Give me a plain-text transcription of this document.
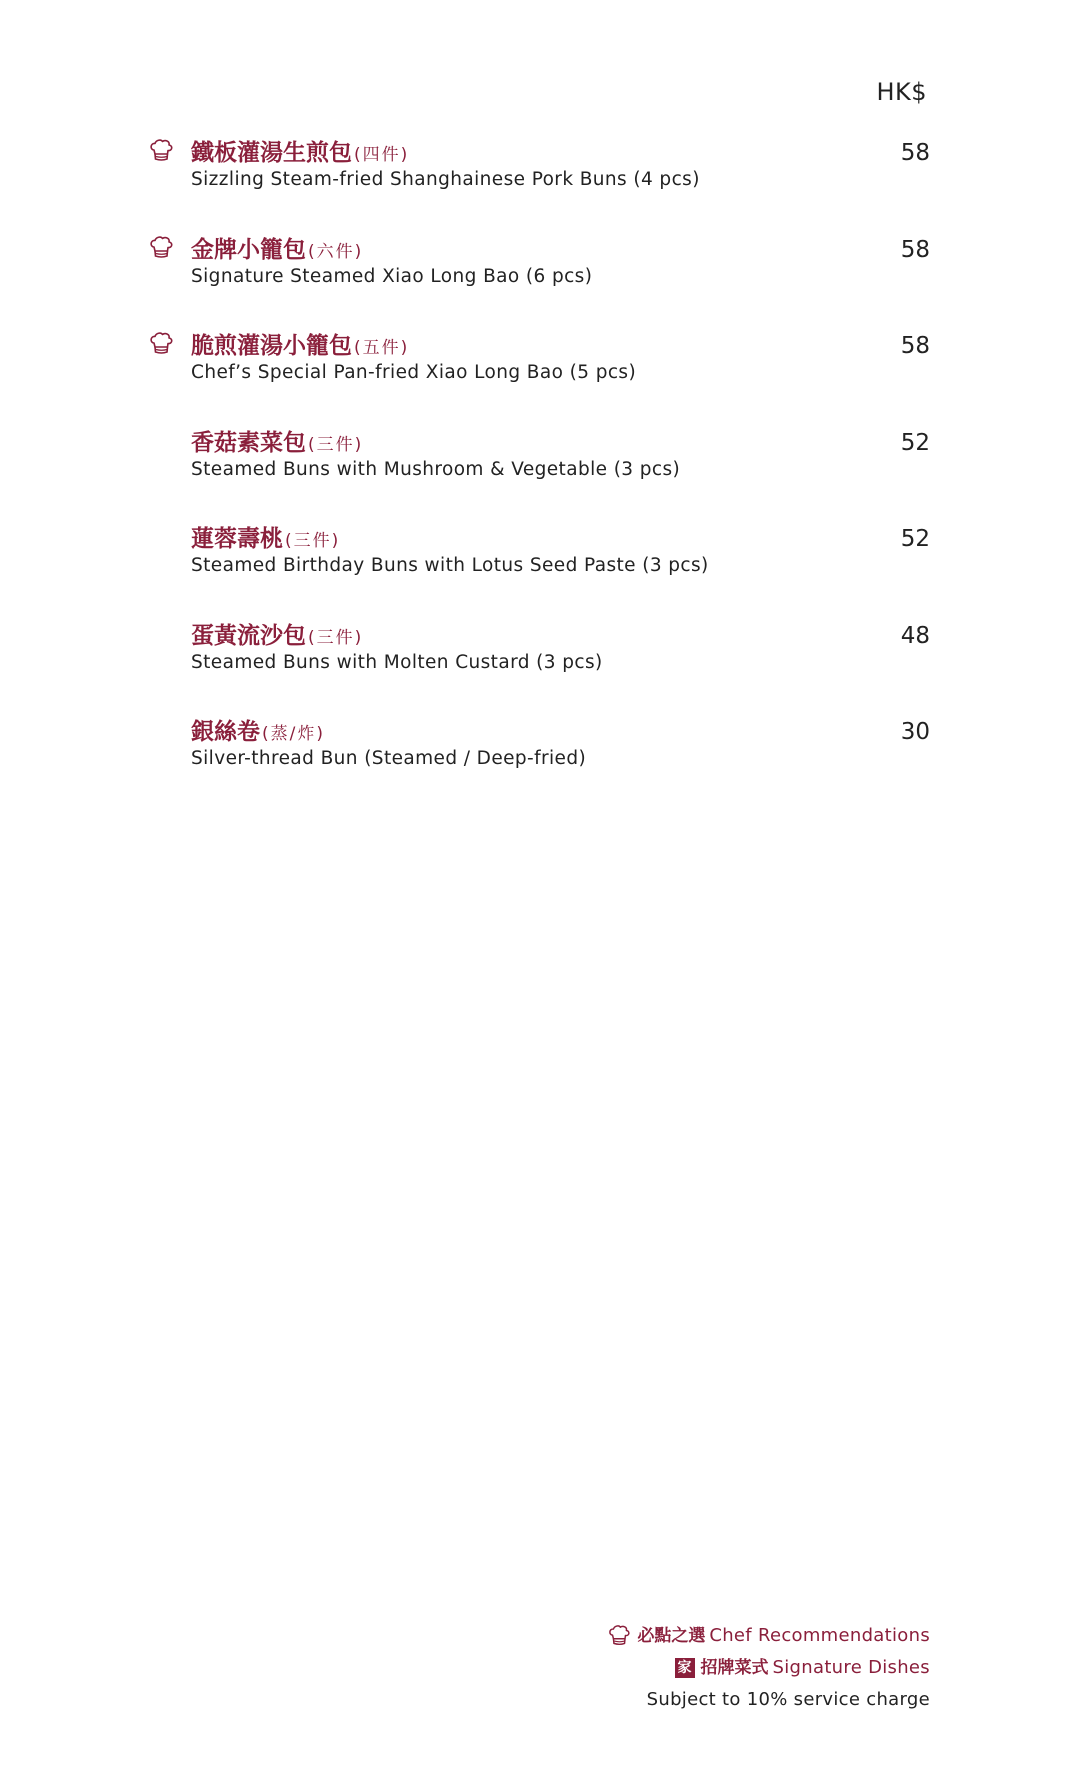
HK$
鐵板灌湯生煎包 (四件)
Sizzling Steam-fried Shanghainese Pork Buns (4 pcs)
58
金牌小籠包 (六件)
Signature Steamed Xiao Long Bao (6 pcs)
58
脆煎灌湯小籠包 (五件)
Chef’s Special Pan-fried Xiao Long Bao (5 pcs)
58
香菇素菜包 (三件)
Steamed Buns with Mushroom & Vegetable (3 pcs)
52
蓮蓉壽桃 (三件)
Steamed Birthday Buns with Lotus Seed Paste (3 pcs)
52
蛋黃流沙包 (三件)
Steamed Buns with Molten Custard (3 pcs)
48
銀絲卷 (蒸/炸)
Silver-thread Bun (Steamed / Deep-fried)
30
必點之選 Chef Recommendations
家 招牌菜式 Signature Dishes
Subject to 10% service charge
